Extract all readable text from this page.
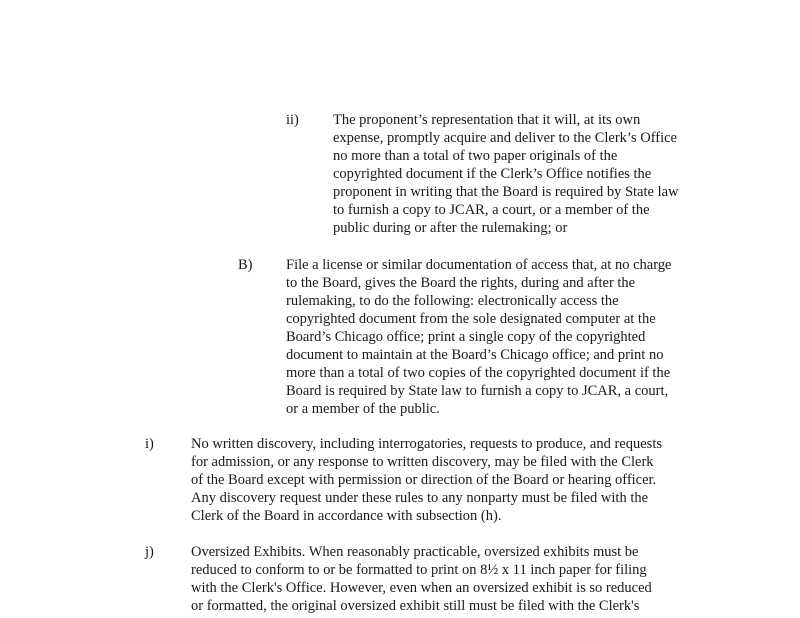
ii) The proponent’s representation that it will, at its own
expense, promptly acquire and deliver to the Clerk’s Office
no more than a total of two paper originals of the
copyrighted document if the Clerk’s Office notifies the
proponent in writing that the Board is required by State law
to furnish a copy to JCAR, a court, or a member of the
public during or after the rulemaking; or
B) File a license or similar documentation of access that, at no charge
to the Board, gives the Board the rights, during and after the
rulemaking, to do the following: electronically access the
copyrighted document from the sole designated computer at the
Board’s Chicago office; print a single copy of the copyrighted
document to maintain at the Board’s Chicago office; and print no
more than a total of two copies of the copyrighted document if the
Board is required by State law to furnish a copy to JCAR, a court,
or a member of the public.
i)	No written discovery, including interrogatories, requests to produce, and requests
for admission, or any response to written discovery, may be filed with the Clerk
of the Board except with permission or direction of the Board or hearing officer.
Any discovery request under these rules to any nonparty must be filed with the
Clerk of the Board in accordance with subsection (h).
j)	Oversized Exhibits. When reasonably practicable, oversized exhibits must be
reduced to conform to or be formatted to print on 8½ x 11 inch paper for filing
with the Clerk's Office. However, even when an oversized exhibit is so reduced
or formatted, the original oversized exhibit still must be filed with the Clerk's
